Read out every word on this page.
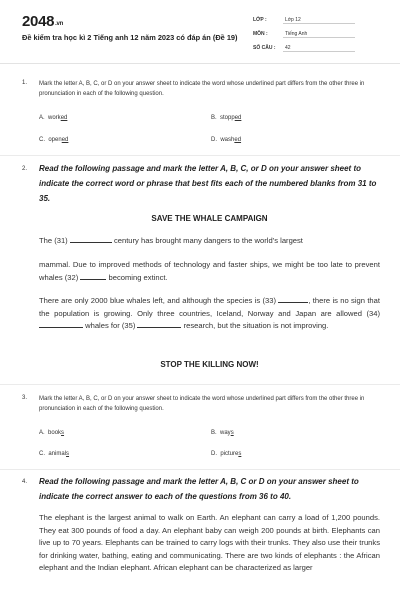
2048.vn
Đề kiểm tra học kì 2 Tiếng anh 12 năm 2023 có đáp án (Đề 19)
LỚP :	Lớp 12
MÔN :	Tiếng Anh
SỐ CÂU : 42
1. Mark the letter A, B, C, or D on your answer sheet to indicate the word whose underlined part differs from the other three in pronunciation in each of the following question.
A. worked	B. stopped
C. opened	D. washed
2. Read the following passage and mark the letter A, B, C, or D on your answer sheet to indicate the correct word or phrase that best fits each of the numbered blanks from 31 to 35.
SAVE THE WHALE CAMPAIGN
The (31)	century has brought many dangers to the world’s largest
mammal. Due to improved methods of technology and faster ships, we might be too late to prevent whales (32)	becoming extinct.
There are only 2000 blue whales left, and although the species is (33)	, there is no sign that the population is growing. Only three countries, Iceland, Norway and Japan are allowed (34)  whales for (35)	research, but the situation is not improving.
STOP THE KILLING NOW!
3. Mark the letter A, B, C, or D on your answer sheet to indicate the word whose underlined part differs from the other three in pronunciation in each of the following question.
A. books	B. ways
C. animals	D. pictures
4. Read the following passage and mark the letter A, B, C or D on your answer sheet to indicate the correct answer to each of the questions from 36 to 40.
The elephant is the largest animal to walk on Earth. An elephant can carry a load of 1,200 pounds. They eat 300 pounds of food a day. An elephant baby can weigh 200 pounds at birth. Elephants can live up to 70 years. Elephants can be trained to carry logs with their trunks. They also use their trunks for drinking water, bathing, eating and communicating. There are two kinds of elephants : the African elephant and the Indian elephant. African elephant can be characterized as larger
